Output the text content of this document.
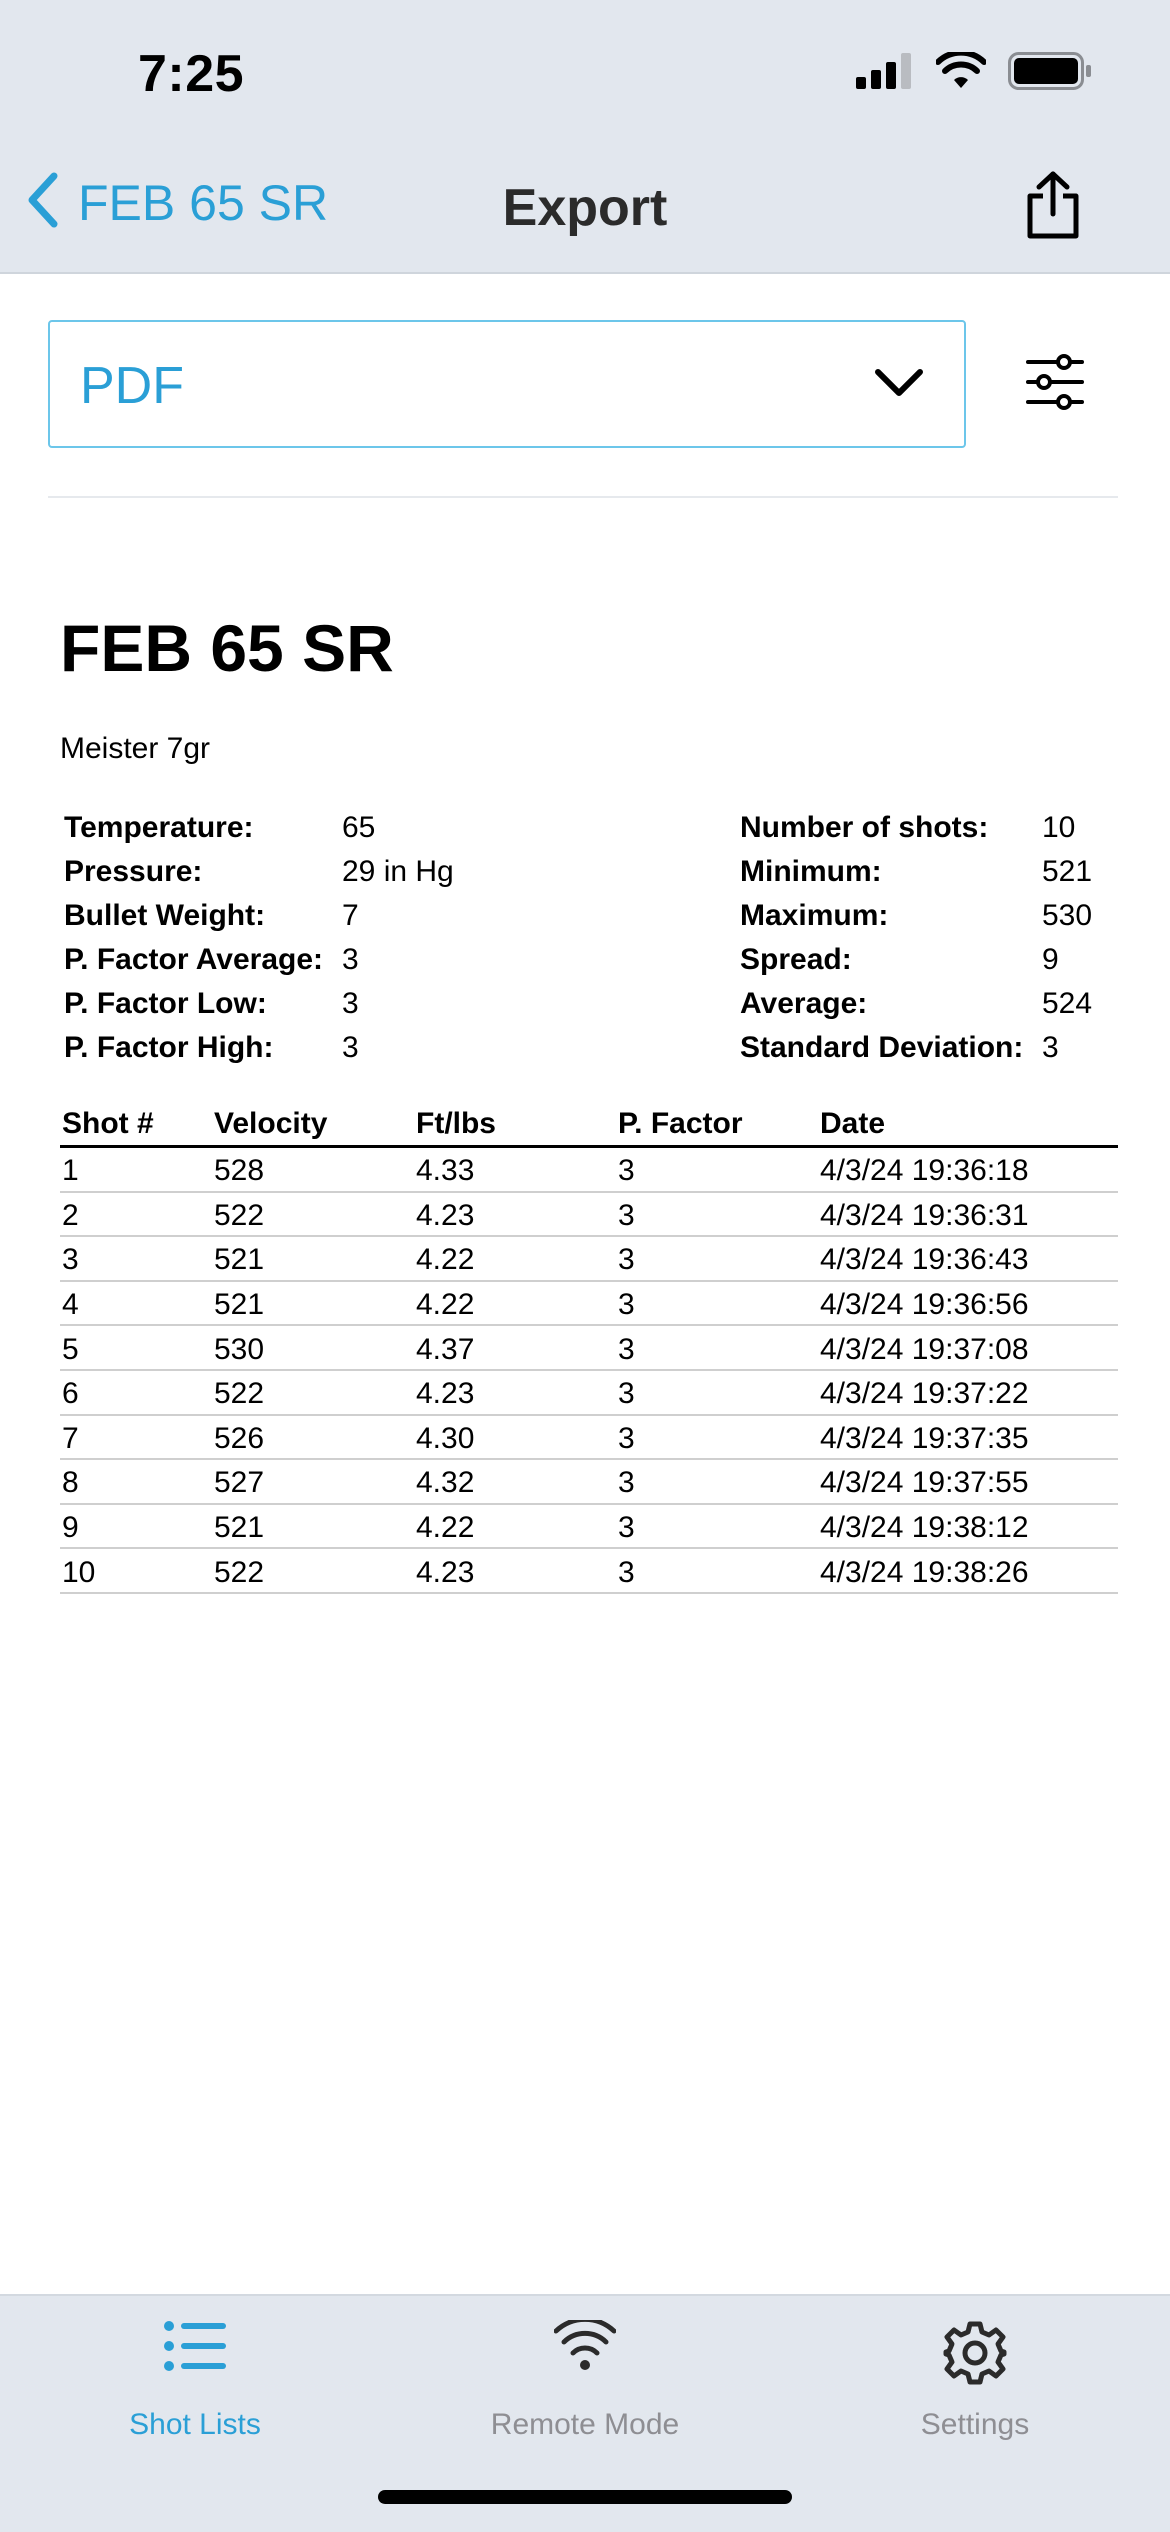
7:25
FEB 65 SR	Export
PDF
FEB 65 SR
Meister 7gr
Temperature:	65
Pressure:	29 in Hg
Bullet Weight:	7
P. Factor Average: 3
P. Factor Low:	3
P. Factor High:	3
Number of shots:	10
Minimum:	521
Maximum:	530
Spread:	9
Average:	524
Standard Deviation: 3
Shot #	Velocity	Ft/lbs	P. Factor	Date
1	528	4.33	3	4/3/24 19:36:18
2	522	4.23	3	4/3/24 19:36:31
3	521	4.22	3	4/3/24 19:36:43
4	521	4.22	3	4/3/24 19:36:56
5	530	4.37	3	4/3/24 19:37:08
6	522	4.23	3	4/3/24 19:37:22
7	526	4.30	3	4/3/24 19:37:35
8	527	4.32	3	4/3/24 19:37:55
9	521	4.22	3	4/3/24 19:38:12
10	522	4.23	3	4/3/24 19:38:26
Shot Lists	Remote Mode	Settings
